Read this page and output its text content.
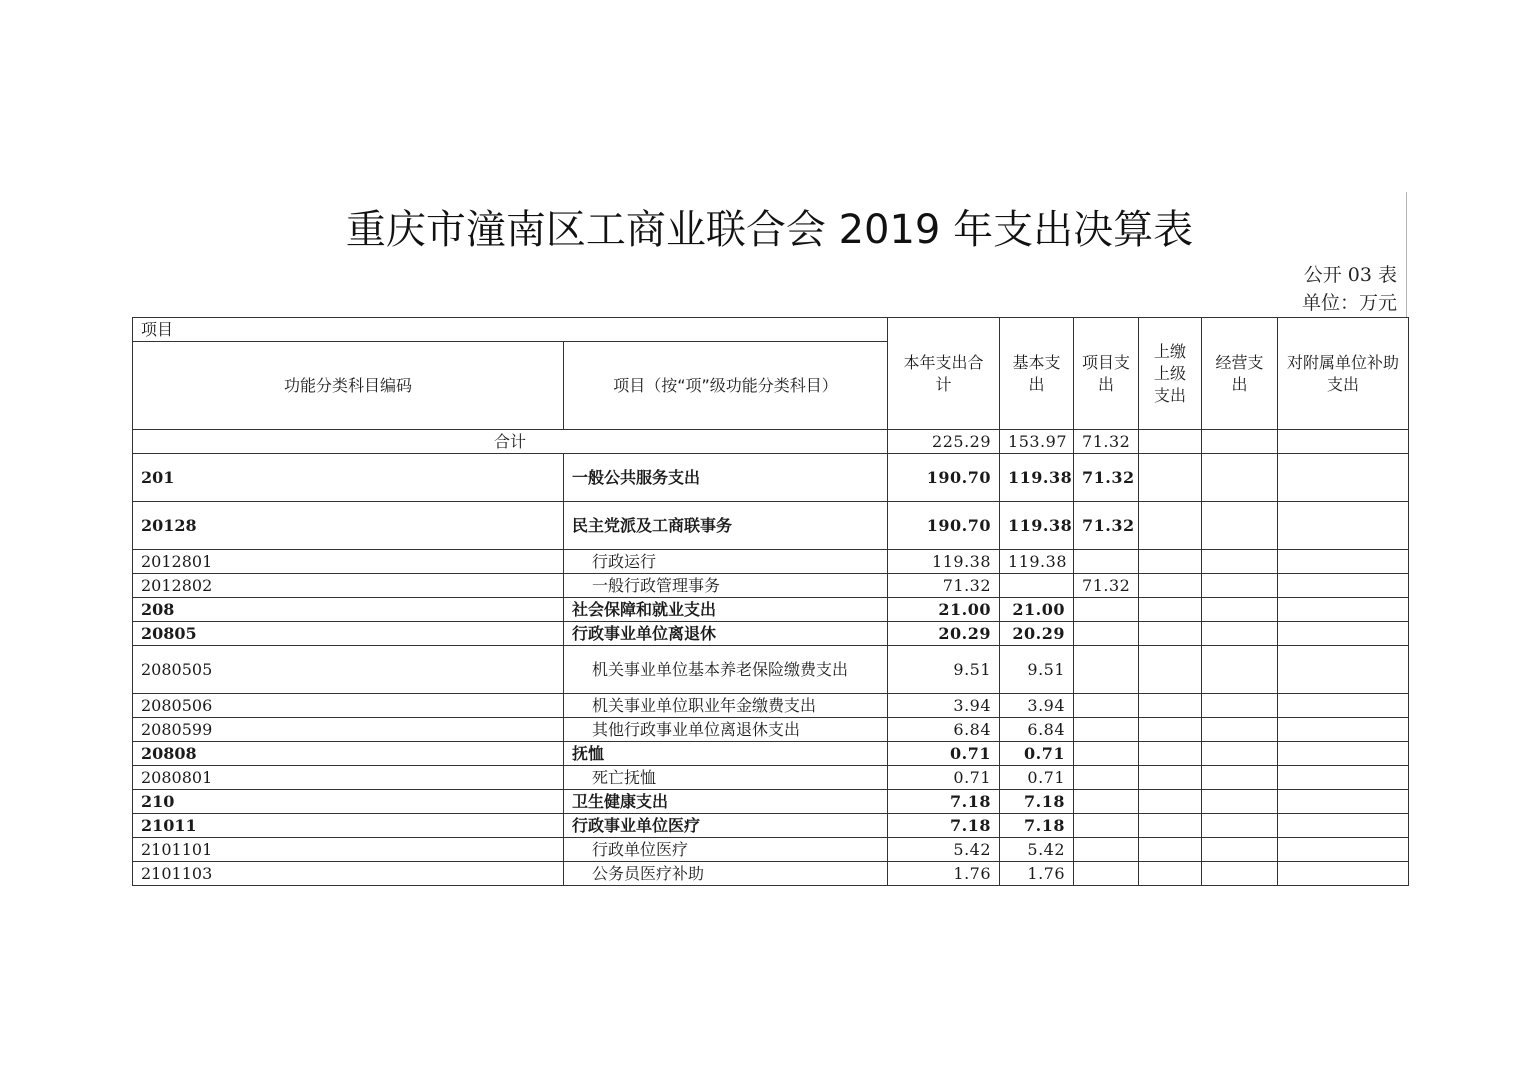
重庆市潼南区工商业联合会 2019 年支出决算表
公开 03 表
单位：万元
项目		本年支出合计	基本支出	项目支出	上缴上级支出	经营支出	对附属单位补助支出
功能分类科目编码	项目（按“项”级功能分类科目）						
合计		225.29	153.97	71.32			
201	一般公共服务支出	190.70	119.38	71.32			
20128	民主党派及工商联事务	190.70	119.38	71.32			
2012801	行政运行	119.38	119.38				
2012802	一般行政管理事务	71.32		71.32			
208	社会保障和就业支出	21.00	21.00				
20805	行政事业单位离退休	20.29	20.29				
2080505	机关事业单位基本养老保险缴费支出	9.51	9.51				
2080506	机关事业单位职业年金缴费支出	3.94	3.94				
2080599	其他行政事业单位离退休支出	6.84	6.84				
20808	抚恤	0.71	0.71				
2080801	死亡抚恤	0.71	0.71				
210	卫生健康支出	7.18	7.18				
21011	行政事业单位医疗	7.18	7.18				
2101101	行政单位医疗	5.42	5.42				
2101103	公务员医疗补助	1.76	1.76				
